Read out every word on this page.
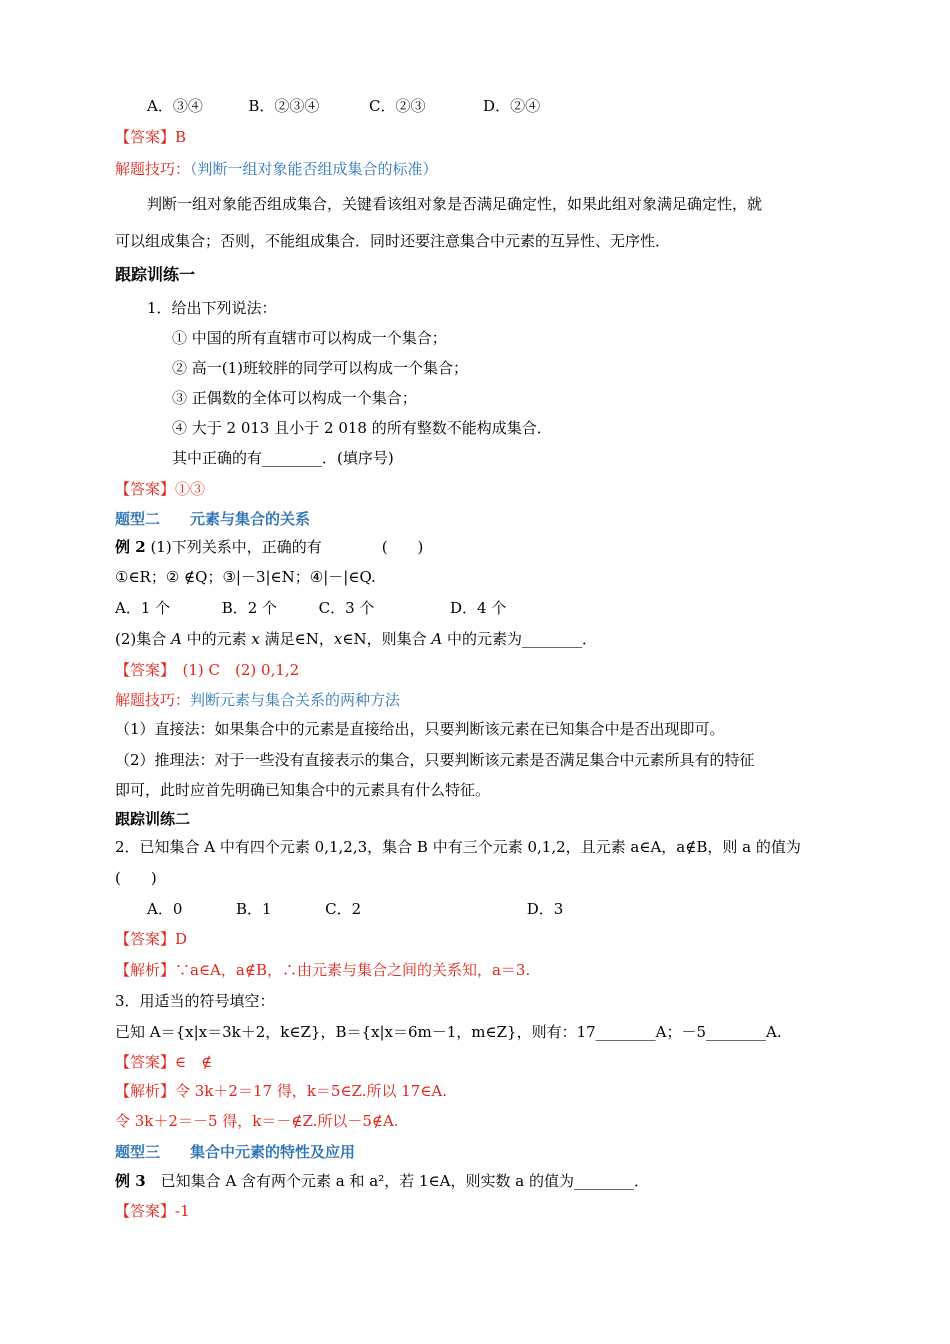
A．③④	B．②③④	C．②③	D．②④
【答案】B
解题技巧：（判断一组对象能否组成集合的标准）
判断一组对象能否组成集合，关键看该组对象是否满足确定性，如果此组对象满足确定性，就
可以组成集合；否则，不能组成集合．同时还要注意集合中元素的互异性、无序性．
跟踪训练一
1．给出下列说法：
① 中国的所有直辖市可以构成一个集合；
② 高一(1)班较胖的同学可以构成一个集合；
③ 正偶数的全体可以构成一个集合；
④ 大于 2 013 且小于 2 018 的所有整数不能构成集合．
其中正确的有________．(填序号)
【答案】①③
题型二　　元素与集合的关系
例 2 (1)下列关系中，正确的有　　　　(　　)
①∈R；② ∉Q；③|－3|∈N；④|－|∈Q.
A．1 个	B．2 个	C．3 个	D．4 个
(2)集合 A 中的元素 x 满足∈N，x∈N，则集合 A 中的元素为________．
【答案】　(1) C　(2) 0,1,2
解题技巧：判断元素与集合关系的两种方法
（1）直接法：如果集合中的元素是直接给出，只要判断该元素在已知集合中是否出现即可。
（2）推理法：对于一些没有直接表示的集合，只要判断该元素是否满足集合中元素所具有的特征
即可，此时应首先明确已知集合中的元素具有什么特征。
跟踪训练二
2．已知集合 A 中有四个元素 0,1,2,3，集合 B 中有三个元素 0,1,2，且元素 a∈A，a∉B，则 a 的值为
(　　)
A．0	B．1	C．2	D．3
【答案】D
【解析】∵a∈A，a∉B，∴由元素与集合之间的关系知，a＝3.
3．用适当的符号填空：
已知 A＝{x|x＝3k＋2，k∈Z}，B＝{x|x＝6m－1，m∈Z}，则有：17________A；－5________A.
【答案】∈　∉
【解析】令 3k＋2＝17 得，k＝5∈Z.所以 17∈A.
令 3k＋2＝－5 得，k＝－∉Z.所以－5∉A.
题型三　　集合中元素的特性及应用
例 3　已知集合 A 含有两个元素 a 和 a²，若 1∈A，则实数 a 的值为________．
【答案】-1
